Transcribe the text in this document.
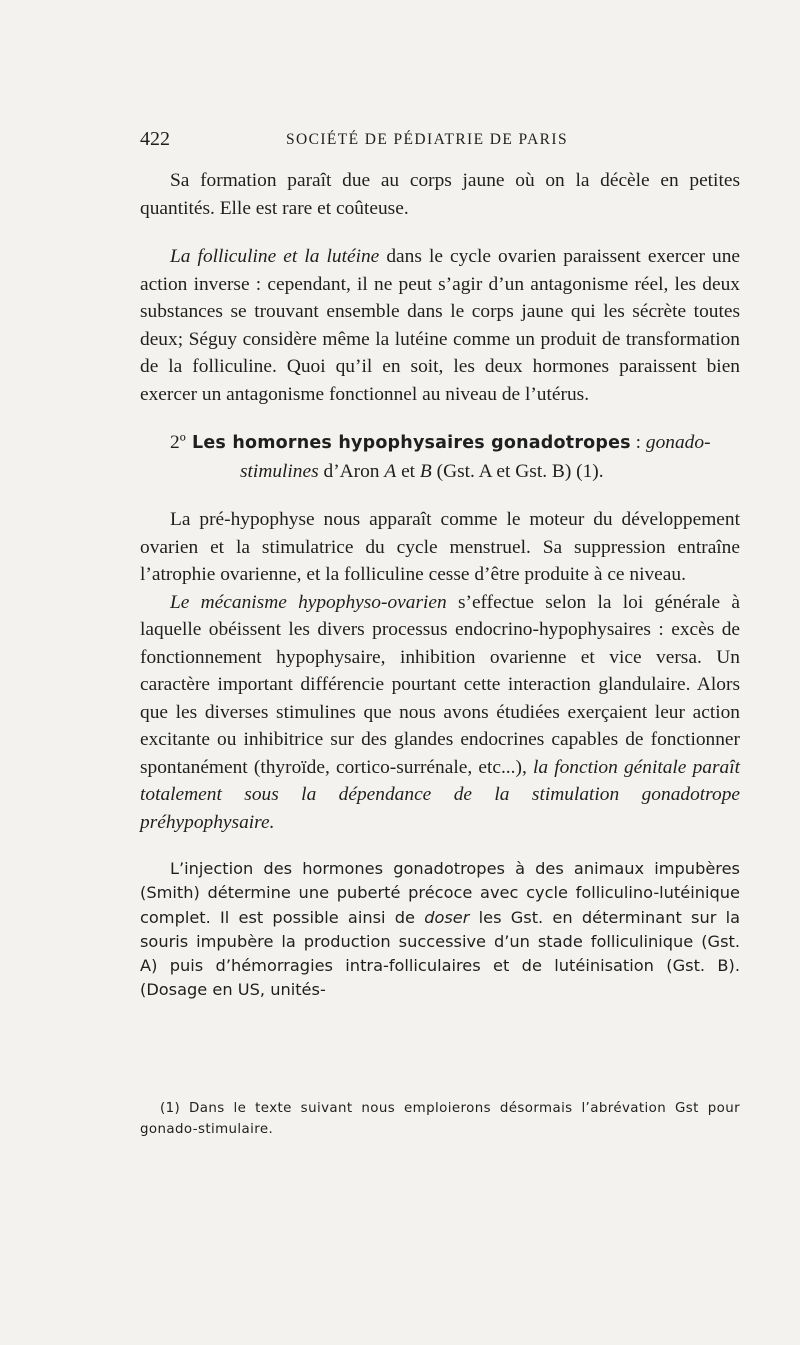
422	SOCIÉTÉ DE PÉDIATRIE DE PARIS

Sa formation paraît due au corps jaune où on la décèle en petites quantités. Elle est rare et coûteuse.

La folliculine et la lutéine dans le cycle ovarien paraissent exercer une action inverse : cependant, il ne peut s’agir d’un antagonisme réel, les deux substances se trouvant ensemble dans le corps jaune qui les sécrète toutes deux; Séguy considère même la lutéine comme un produit de transformation de la folliculine. Quoi qu’il en soit, les deux hormones paraissent bien exercer un antagonisme fonctionnel au niveau de l’utérus.

2º Les homornes hypophysaires gonadotropes : gonado-stimulines d’Aron A et B (Gst. A et Gst. B) (1).

La pré-hypophyse nous apparaît comme le moteur du développement ovarien et la stimulatrice du cycle menstruel. Sa suppression entraîne l’atrophie ovarienne, et la folliculine cesse d’être produite à ce niveau.

Le mécanisme hypophyso-ovarien s’effectue selon la loi générale à laquelle obéissent les divers processus endocrino-hypophysaires : excès de fonctionnement hypophysaire, inhibition ovarienne et vice versa. Un caractère important différencie pourtant cette interaction glandulaire. Alors que les diverses stimulines que nous avons étudiées exerçaient leur action excitante ou inhibitrice sur des glandes endocrines capables de fonctionner spontanément (thyroïde, cortico-surrénale, etc...), la fonction génitale paraît totalement sous la dépendance de la stimulation gonadotrope préhypophysaire.

L’injection des hormones gonadotropes à des animaux impubères (Smith) détermine une puberté précoce avec cycle folliculino-lutéinique complet. Il est possible ainsi de doser les Gst. en déterminant sur la souris impubère la production successive d’un stade folliculinique (Gst. A) puis d’hémorragies intra-folliculaires et de lutéinisation (Gst. B). (Dosage en US, unités-

(1) Dans le texte suivant nous emploierons désormais l’abrévation Gst pour gonado-stimulaire.
